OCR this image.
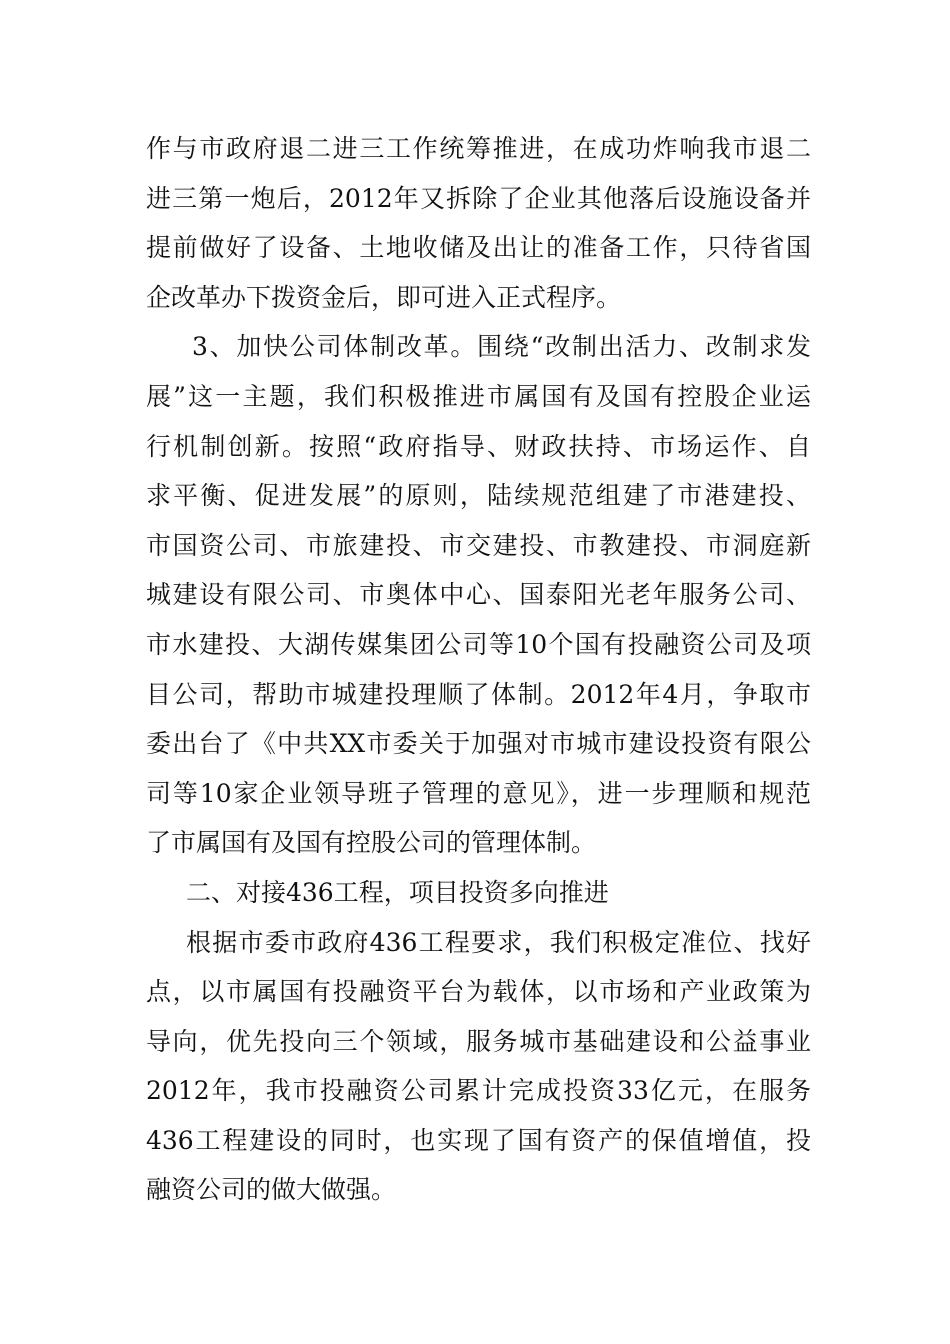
作与市政府退二进三工作统筹推进，在成功炸响我市退二
进三第一炮后，2012年又拆除了企业其他落后设施设备并
提前做好了设备、土地收储及出让的准备工作，只待省国
企改革办下拨资金后，即可进入正式程序。
3、加快公司体制改革。围绕“改制出活力、改制求发
展”这一主题，我们积极推进市属国有及国有控股企业运
行机制创新。按照“政府指导、财政扶持、市场运作、自
求平衡、促进发展”的原则，陆续规范组建了市港建投、
市国资公司、市旅建投、市交建投、市教建投、市洞庭新
城建设有限公司、市奥体中心、国泰阳光老年服务公司、
市水建投、大湖传媒集团公司等10个国有投融资公司及项
目公司，帮助市城建投理顺了体制。2012年4月，争取市
委出台了《中共XX市委关于加强对市城市建设投资有限公
司等10家企业领导班子管理的意见》，进一步理顺和规范
了市属国有及国有控股公司的管理体制。
二、对接436工程，项目投资多向推进
根据市委市政府436工程要求，我们积极定准位、找好
点，以市属国有投融资平台为载体，以市场和产业政策为
导向，优先投向三个领域，服务城市基础建设和公益事业
2012年，我市投融资公司累计完成投资33亿元，在服务
436工程建设的同时，也实现了国有资产的保值增值，投
融资公司的做大做强。
